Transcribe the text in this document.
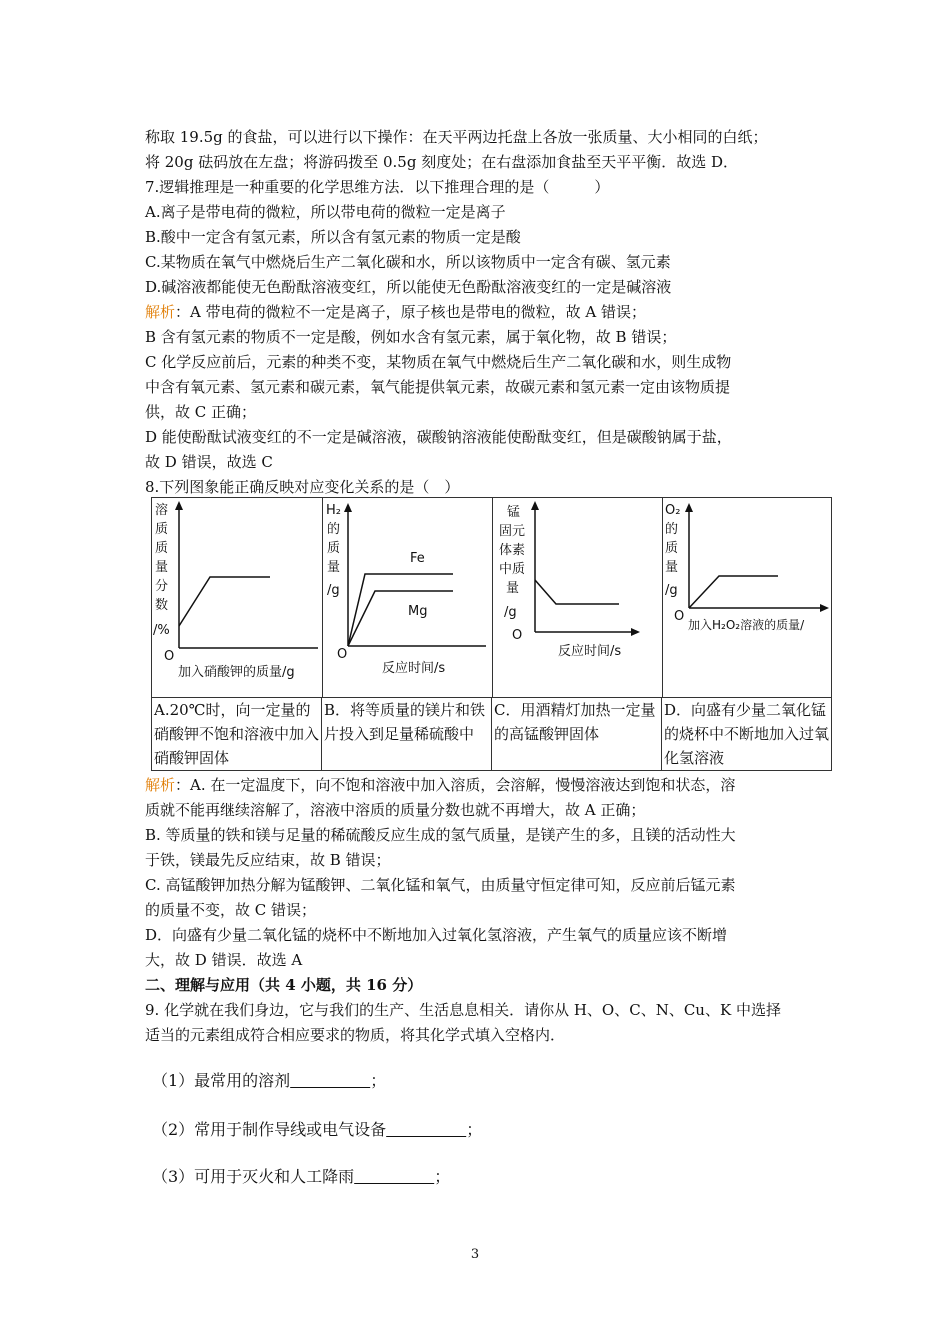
称取 19.5g 的食盐，可以进行以下操作：在天平两边托盘上各放一张质量、大小相同的白纸；
将 20g 砝码放在左盘；将游码拨至 0.5g 刻度处；在右盘添加食盐至天平平衡．故选 D．
7.逻辑推理是一种重要的化学思维方法．以下推理合理的是（　　　）
A.离子是带电荷的微粒，所以带电荷的微粒一定是离子
B.酸中一定含有氢元素，所以含有氢元素的物质一定是酸
C.某物质在氧气中燃烧后生产二氧化碳和水，所以该物质中一定含有碳、氢元素
D.碱溶液都能使无色酚酞溶液变红，所以能使无色酚酞溶液变红的一定是碱溶液
解析：A 带电荷的微粒不一定是离子，原子核也是带电的微粒，故 A 错误；
B 含有氢元素的物质不一定是酸，例如水含有氢元素，属于氧化物，故 B 错误；
C 化学反应前后，元素的种类不变，某物质在氧气中燃烧后生产二氧化碳和水，则生成物
中含有氧元素、氢元素和碳元素，氧气能提供氧元素，故碳元素和氢元素一定由该物质提
供，故 C 正确；
D 能使酚酞试液变红的不一定是碱溶液，碳酸钠溶液能使酚酞变红，但是碳酸钠属于盐，
故 D 错误，故选 C
8.下列图象能正确反映对应变化关系的是（　）
溶
质
质
量
分
数
/%
O
加入硝酸钾的质量/g
H₂
的
质
量
/g
O
反应时间/s
Fe
Mg
锰
固元
体素
中质
量
/g
O
反应时间/s
O₂
的
质
量
/g
O
加入H₂O₂溶液的质量/
A.20℃时，向一定量的硝酸钾不饱和溶液中加入硝酸钾固体	B．将等质量的镁片和铁片投入到足量稀硫酸中	C．用酒精灯加热一定量的高锰酸钾固体	D．向盛有少量二氧化锰的烧杯中不断地加入过氧化氢溶液
解析：A. 在一定温度下，向不饱和溶液中加入溶质，会溶解，慢慢溶液达到饱和状态，溶
质就不能再继续溶解了，溶液中溶质的质量分数也就不再增大，故 A 正确；
B. 等质量的铁和镁与足量的稀硫酸反应生成的氢气质量，是镁产生的多，且镁的活动性大
于铁，镁最先反应结束，故 B 错误；
C. 高锰酸钾加热分解为锰酸钾、二氧化锰和氧气，由质量守恒定律可知，反应前后锰元素
的质量不变，故 C 错误；
D．向盛有少量二氧化锰的烧杯中不断地加入过氧化氢溶液，产生氧气的质量应该不断增
大，故 D 错误．故选 A
二、理解与应用（共 4 小题，共 16 分）
9. 化学就在我们身边，它与我们的生产、生活息息相关．请你从 H、O、C、N、Cu、K 中选择
适当的元素组成符合相应要求的物质，将其化学式填入空格内．
（1）最常用的溶剂　　　　　	；
（2）常用于制作导线或电气设备　　　　　	；
（3）可用于灭火和人工降雨　　　　　	；
3
